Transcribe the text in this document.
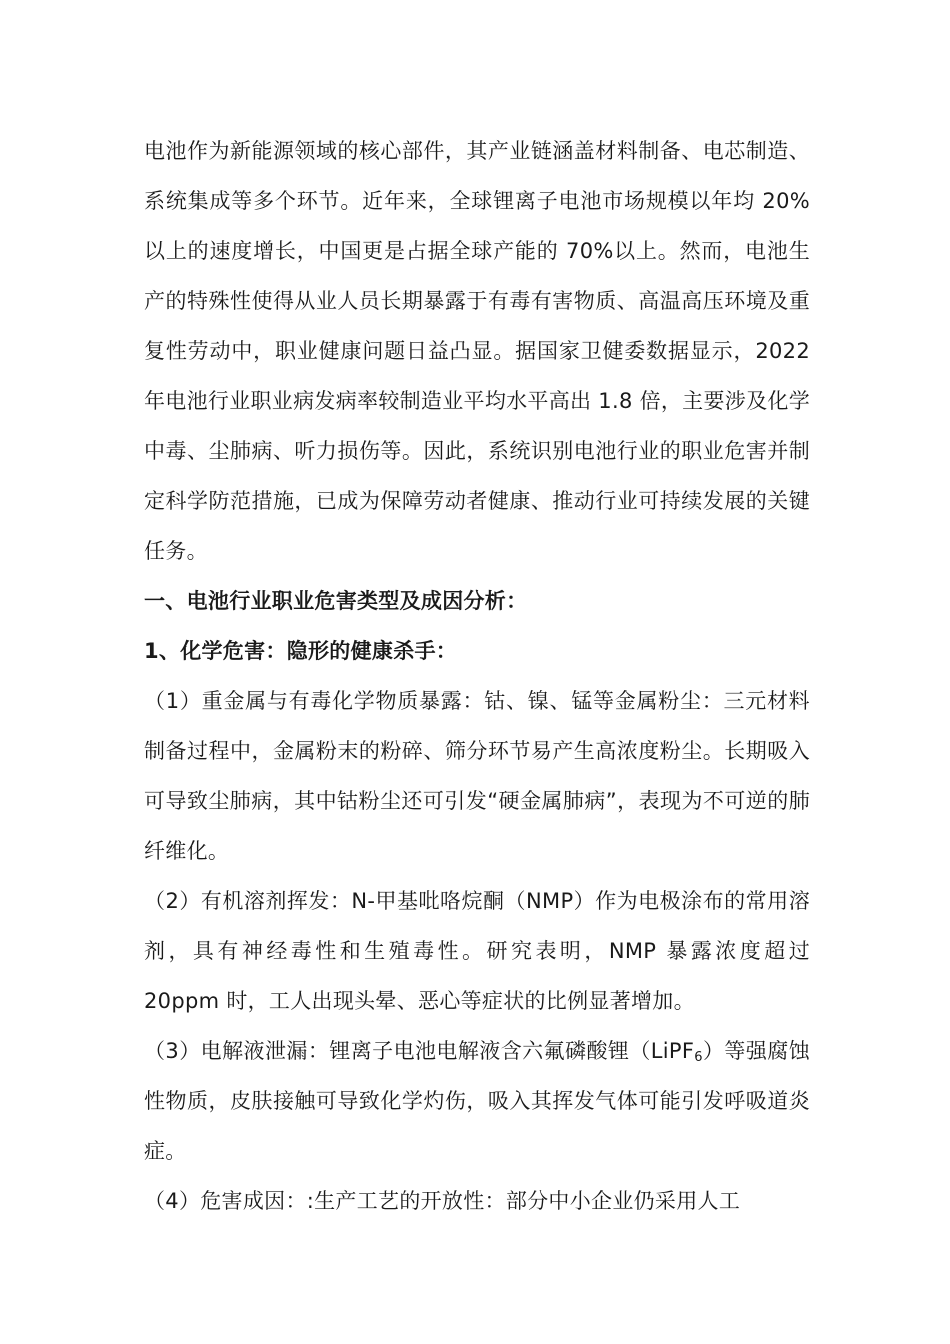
电池作为新能源领域的核心部件，其产业链涵盖材料制备、电芯制造、系统集成等多个环节。近年来，全球锂离子电池市场规模以年均 20%以上的速度增长，中国更是占据全球产能的 70%以上。然而，电池生产的特殊性使得从业人员长期暴露于有毒有害物质、高温高压环境及重复性劳动中，职业健康问题日益凸显。据国家卫健委数据显示，2022 年电池行业职业病发病率较制造业平均水平高出 1.8 倍，主要涉及化学中毒、尘肺病、听力损伤等。因此，系统识别电池行业的职业危害并制定科学防范措施，已成为保障劳动者健康、推动行业可持续发展的关键任务。

一、电池行业职业危害类型及成因分析：

1、化学危害：隐形的健康杀手：

（1）重金属与有毒化学物质暴露：钴、镍、锰等金属粉尘：三元材料制备过程中，金属粉末的粉碎、筛分环节易产生高浓度粉尘。长期吸入可导致尘肺病，其中钴粉尘还可引发“硬金属肺病”，表现为不可逆的肺纤维化。

（2）有机溶剂挥发：N-甲基吡咯烷酮（NMP）作为电极涂布的常用溶剂，具有神经毒性和生殖毒性。研究表明，NMP 暴露浓度超过 20ppm 时，工人出现头晕、恶心等症状的比例显著增加。

（3）电解液泄漏：锂离子电池电解液含六氟磷酸锂（LiPF$_6$）等强腐蚀性物质，皮肤接触可导致化学灼伤，吸入其挥发气体可能引发呼吸道炎症。

（4）危害成因：:生产工艺的开放性：部分中小企业仍采用人工
